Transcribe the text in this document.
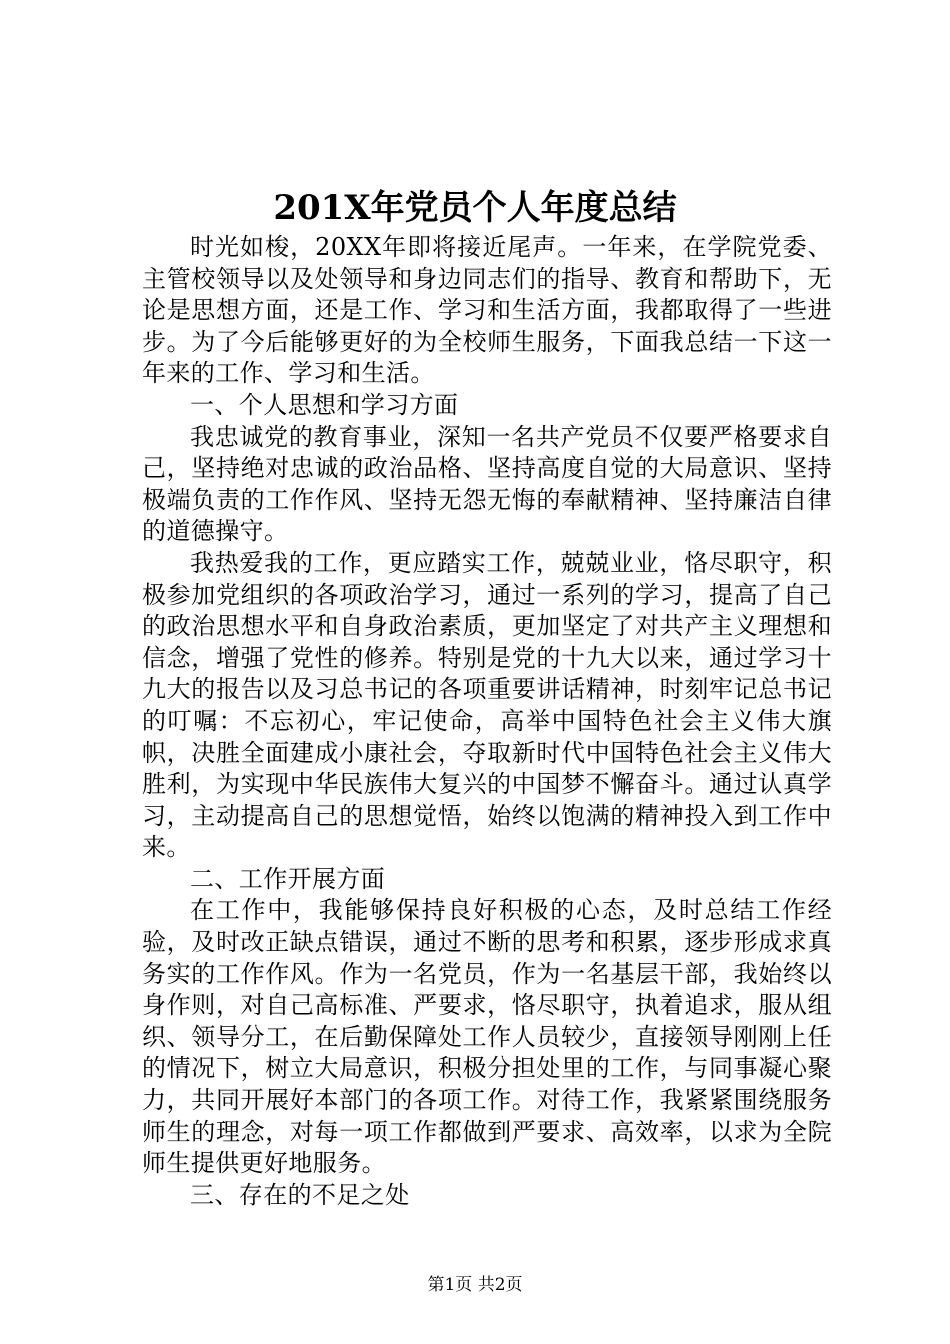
201X年党员个人年度总结

时光如梭，20XX年即将接近尾声。一年来，在学院党委、主管校领导以及处领导和身边同志们的指导、教育和帮助下，无论是思想方面，还是工作、学习和生活方面，我都取得了一些进步。为了今后能够更好的为全校师生服务，下面我总结一下这一年来的工作、学习和生活。

一、个人思想和学习方面

我忠诚党的教育事业，深知一名共产党员不仅要严格要求自己，坚持绝对忠诚的政治品格、坚持高度自觉的大局意识、坚持极端负责的工作作风、坚持无怨无悔的奉献精神、坚持廉洁自律的道德操守。

我热爱我的工作，更应踏实工作，兢兢业业，恪尽职守，积极参加党组织的各项政治学习，通过一系列的学习，提高了自己的政治思想水平和自身政治素质，更加坚定了对共产主义理想和信念，增强了党性的修养。特别是党的十九大以来，通过学习十九大的报告以及习总书记的各项重要讲话精神，时刻牢记总书记的叮嘱：不忘初心，牢记使命，高举中国特色社会主义伟大旗帜，决胜全面建成小康社会，夺取新时代中国特色社会主义伟大胜利，为实现中华民族伟大复兴的中国梦不懈奋斗。通过认真学习，主动提高自己的思想觉悟，始终以饱满的精神投入到工作中来。

二、工作开展方面

在工作中，我能够保持良好积极的心态，及时总结工作经验，及时改正缺点错误，通过不断的思考和积累，逐步形成求真务实的工作作风。作为一名党员，作为一名基层干部，我始终以身作则，对自己高标准、严要求，恪尽职守，执着追求，服从组织、领导分工，在后勤保障处工作人员较少，直接领导刚刚上任的情况下，树立大局意识，积极分担处里的工作，与同事凝心聚力，共同开展好本部门的各项工作。对待工作，我紧紧围绕服务师生的理念，对每一项工作都做到严要求、高效率，以求为全院师生提供更好地服务。

三、存在的不足之处

第1页 共2页
